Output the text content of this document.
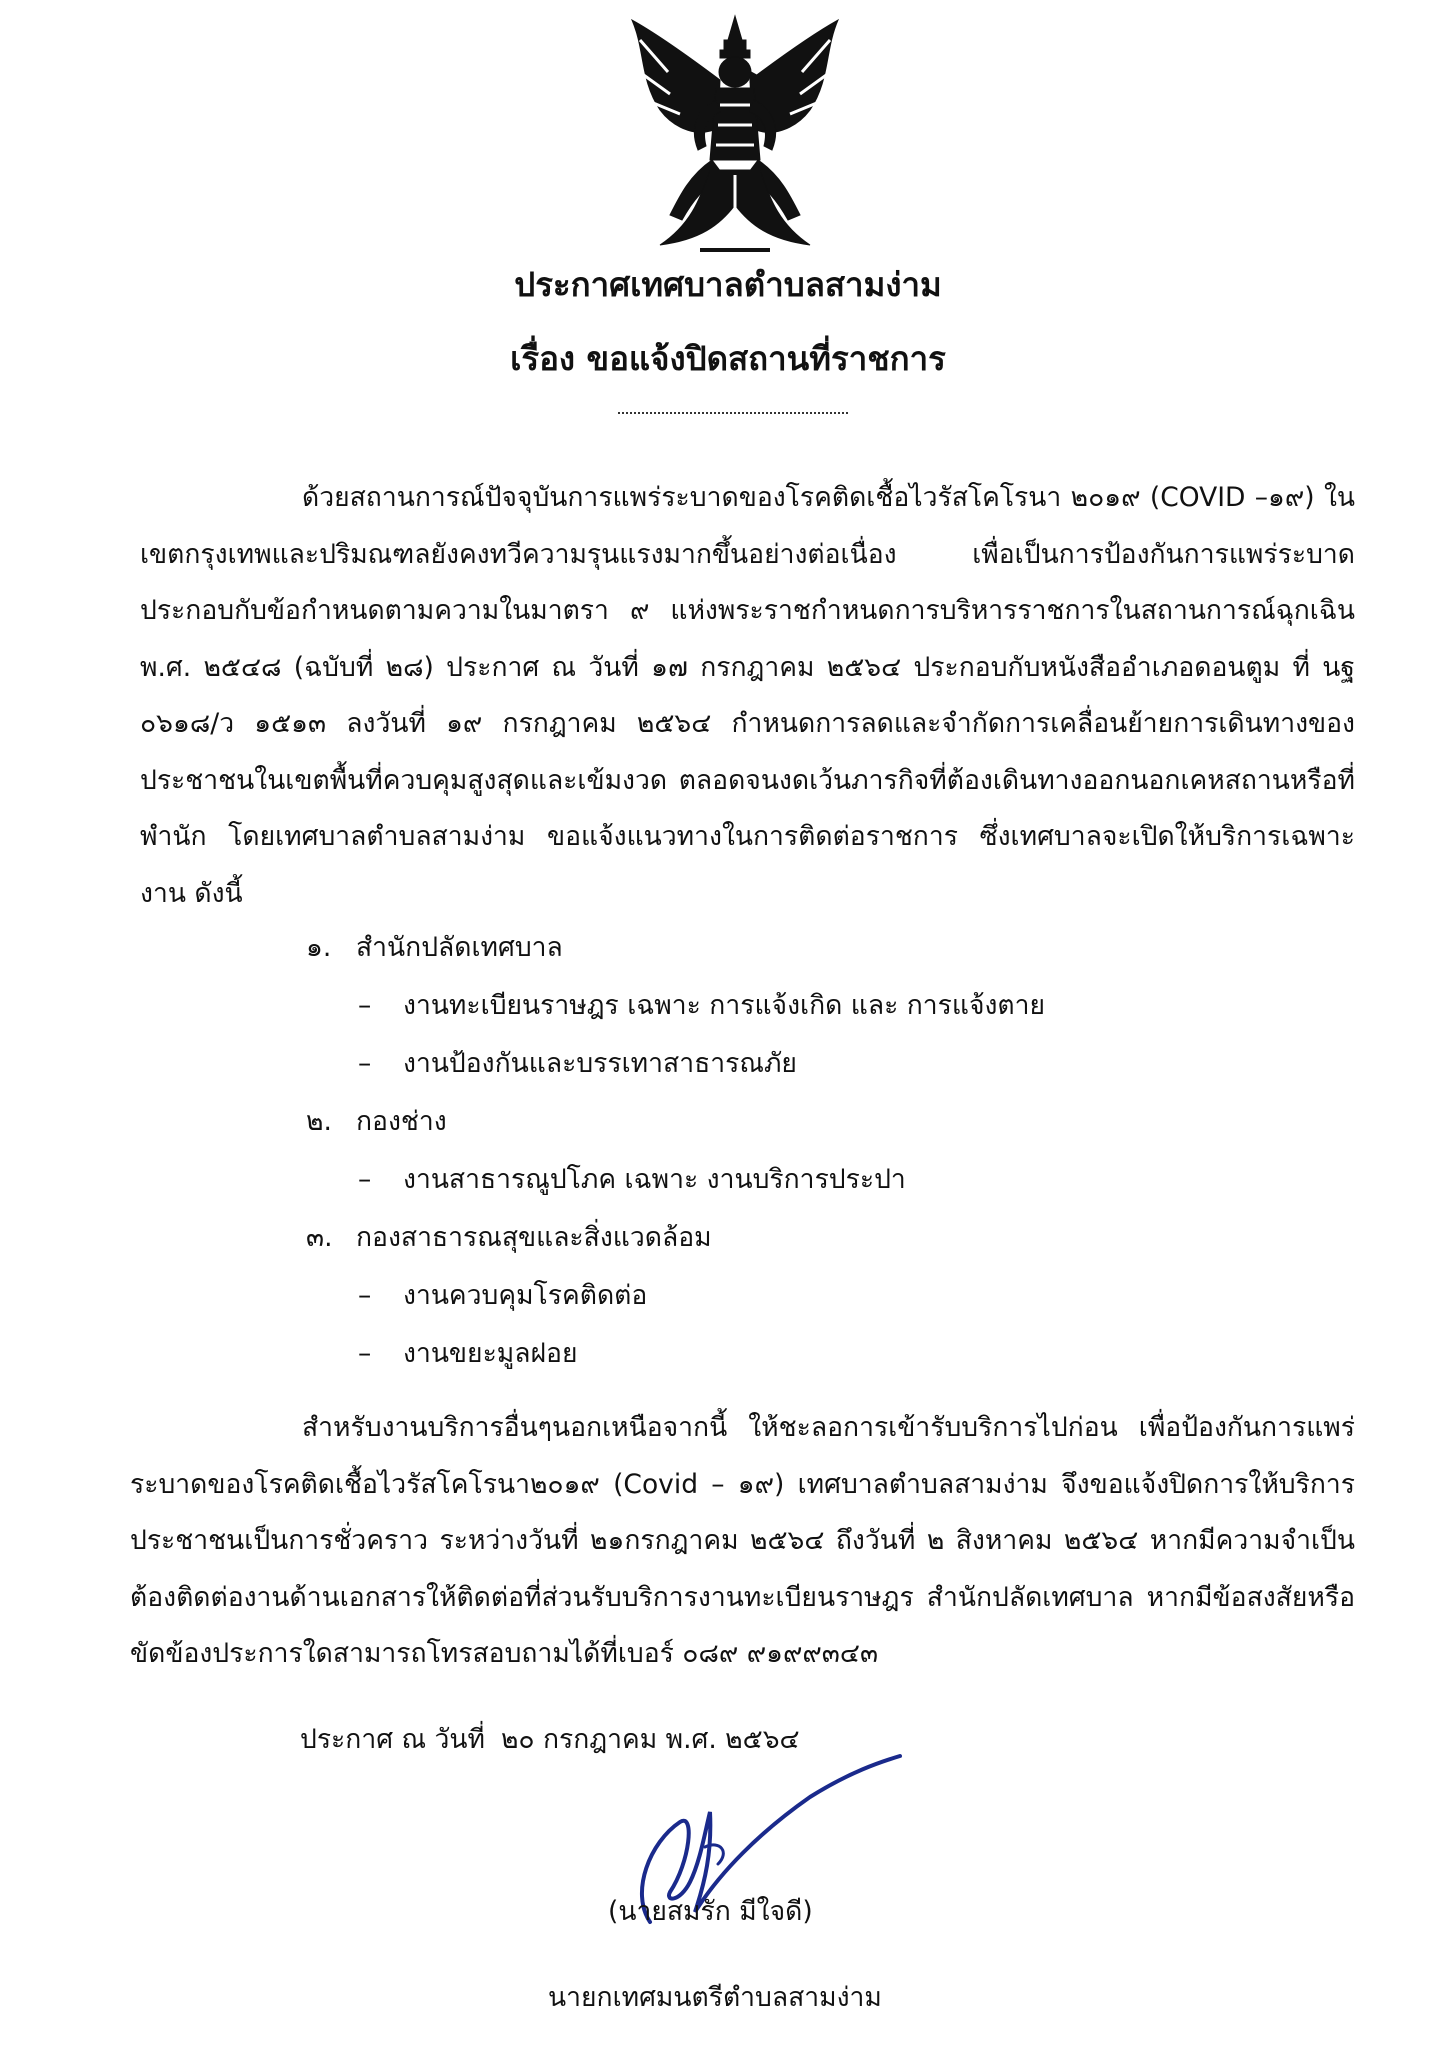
ประกาศเทศบาลตำบลสามง่าม
เรื่อง ขอแจ้งปิดสถานที่ราชการ
ด้วยสถานการณ์ปัจจุบันการแพร่ระบาดของโรคติดเชื้อไวรัสโคโรนา ๒๐๑๙ (COVID –๑๙) ในเขตกรุงเทพและปริมณฑลยังคงทวีความรุนแรงมากขึ้นอย่างต่อเนื่อง เพื่อเป็นการป้องกันการแพร่ระบาด ประกอบกับข้อกำหนดตามความในมาตรา ๙ แห่งพระราชกำหนดการบริหารราชการในสถานการณ์ฉุกเฉิน พ.ศ. ๒๕๔๘ (ฉบับที่ ๒๘) ประกาศ ณ วันที่ ๑๗ กรกฎาคม ๒๕๖๔ ประกอบกับหนังสืออำเภอดอนตูม ที่ นฐ ๐๖๑๘/ว ๑๕๑๓ ลงวันที่ ๑๙ กรกฎาคม ๒๕๖๔ กำหนดการลดและจำกัดการเคลื่อนย้ายการเดินทางของประชาชนในเขตพื้นที่ควบคุมสูงสุดและเข้มงวด ตลอดจนงดเว้นภารกิจที่ต้องเดินทางออกนอกเคหสถานหรือที่พำนัก โดยเทศบาลตำบลสามง่าม ขอแจ้งแนวทางในการติดต่อราชการ ซึ่งเทศบาลจะเปิดให้บริการเฉพาะงาน ดังนี้
๑. สำนักปลัดเทศบาล
– งานทะเบียนราษฎร เฉพาะ การแจ้งเกิด และ การแจ้งตาย
– งานป้องกันและบรรเทาสาธารณภัย
๒. กองช่าง
– งานสาธารณูปโภค เฉพาะ งานบริการประปา
๓. กองสาธารณสุขและสิ่งแวดล้อม
– งานควบคุมโรคติดต่อ
– งานขยะมูลฝอย
สำหรับงานบริการอื่นๆนอกเหนือจากนี้ ให้ชะลอการเข้ารับบริการไปก่อน เพื่อป้องกันการแพร่ระบาดของโรคติดเชื้อไวรัสโคโรนา๒๐๑๙ (Covid – ๑๙) เทศบาลตำบลสามง่าม จึงขอแจ้งปิดการให้บริการประชาชนเป็นการชั่วคราว ระหว่างวันที่ ๒๑กรกฎาคม ๒๕๖๔ ถึงวันที่ ๒ สิงหาคม ๒๕๖๔ หากมีความจำเป็นต้องติดต่องานด้านเอกสารให้ติดต่อที่ส่วนรับบริการงานทะเบียนราษฎร สำนักปลัดเทศบาล หากมีข้อสงสัยหรือขัดข้องประการใดสามารถโทรสอบถามได้ที่เบอร์ ๐๘๙ ๙๑๙๙๓๔๓
ประกาศ ณ วันที่ ๒๐ กรกฎาคม พ.ศ. ๒๕๖๔
(นายสมรัก มีใจดี)
นายกเทศมนตรีตำบลสามง่าม
